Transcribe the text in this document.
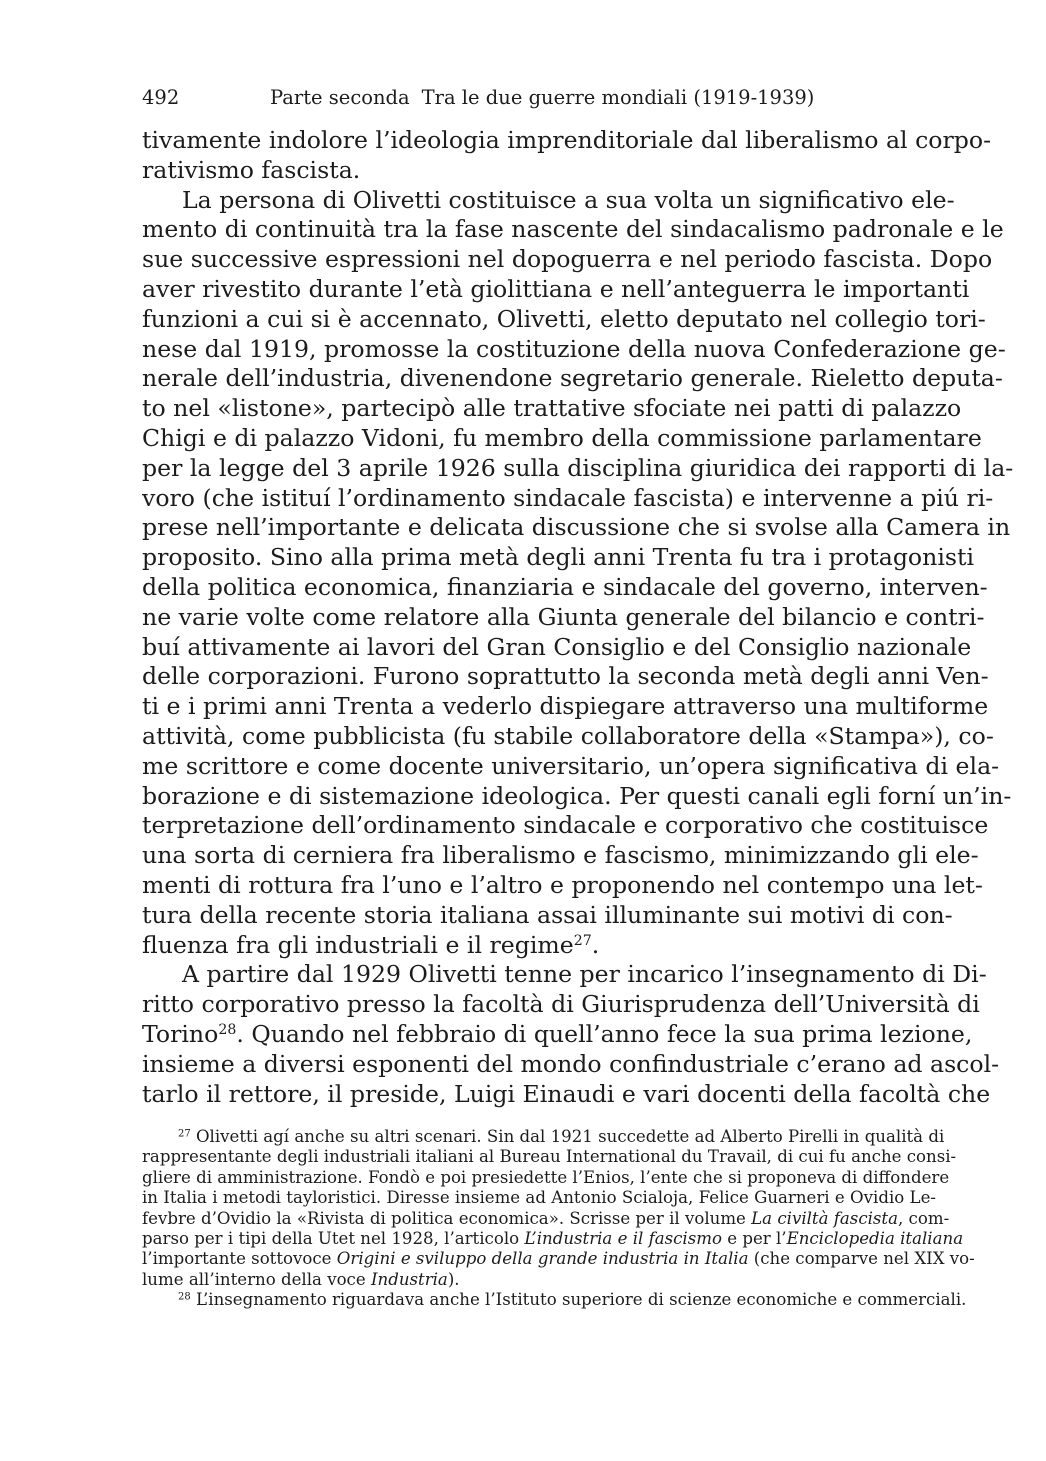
492	Parte seconda Tra le due guerre mondiali (1919-1939)
tivamente indolore l’ideologia imprenditoriale dal liberalismo al corpo-
rativismo fascista.
La persona di Olivetti costituisce a sua volta un significativo ele-
mento di continuità tra la fase nascente del sindacalismo padronale e le
sue successive espressioni nel dopoguerra e nel periodo fascista. Dopo
aver rivestito durante l’età giolittiana e nell’anteguerra le importanti
funzioni a cui si è accennato, Olivetti, eletto deputato nel collegio tori-
nese dal 1919, promosse la costituzione della nuova Confederazione ge-
nerale dell’industria, divenendone segretario generale. Rieletto deputa-
to nel «listone», partecipò alle trattative sfociate nei patti di palazzo
Chigi e di palazzo Vidoni, fu membro della commissione parlamentare
per la legge del 3 aprile 1926 sulla disciplina giuridica dei rapporti di la-
voro (che istituí l’ordinamento sindacale fascista) e intervenne a piú ri-
prese nell’importante e delicata discussione che si svolse alla Camera in
proposito. Sino alla prima metà degli anni Trenta fu tra i protagonisti
della politica economica, finanziaria e sindacale del governo, interven-
ne varie volte come relatore alla Giunta generale del bilancio e contri-
buí attivamente ai lavori del Gran Consiglio e del Consiglio nazionale
delle corporazioni. Furono soprattutto la seconda metà degli anni Ven-
ti e i primi anni Trenta a vederlo dispiegare attraverso una multiforme
attività, come pubblicista (fu stabile collaboratore della «Stampa»), co-
me scrittore e come docente universitario, un’opera significativa di ela-
borazione e di sistemazione ideologica. Per questi canali egli forní un’in-
terpretazione dell’ordinamento sindacale e corporativo che costituisce
una sorta di cerniera fra liberalismo e fascismo, minimizzando gli ele-
menti di rottura fra l’uno e l’altro e proponendo nel contempo una let-
tura della recente storia italiana assai illuminante sui motivi di con-
fluenza fra gli industriali e il regime$^{27}$.
A partire dal 1929 Olivetti tenne per incarico l’insegnamento di Di-
ritto corporativo presso la facoltà di Giurisprudenza dell’Università di
Torino$^{28}$. Quando nel febbraio di quell’anno fece la sua prima lezione,
insieme a diversi esponenti del mondo confindustriale c’erano ad ascol-
tarlo il rettore, il preside, Luigi Einaudi e vari docenti della facoltà che
$^{27}$ Olivetti agí anche su altri scenari. Sin dal 1921 succedette ad Alberto Pirelli in qualità di
rappresentante degli industriali italiani al Bureau International du Travail, di cui fu anche consi-
gliere di amministrazione. Fondò e poi presiedette l’Enios, l’ente che si proponeva di diffondere
in Italia i metodi tayloristici. Diresse insieme ad Antonio Scialoja, Felice Guarneri e Ovidio Le-
fevbre d’Ovidio la «Rivista di politica economica». Scrisse per il volume La civiltà fascista, com-
parso per i tipi della Utet nel 1928, l’articolo L’industria e il fascismo e per l’Enciclopedia italiana
l’importante sottovoce Origini e sviluppo della grande industria in Italia (che comparve nel XIX vo-
lume all’interno della voce Industria).
$^{28}$ L’insegnamento riguardava anche l’Istituto superiore di scienze economiche e commerciali.
